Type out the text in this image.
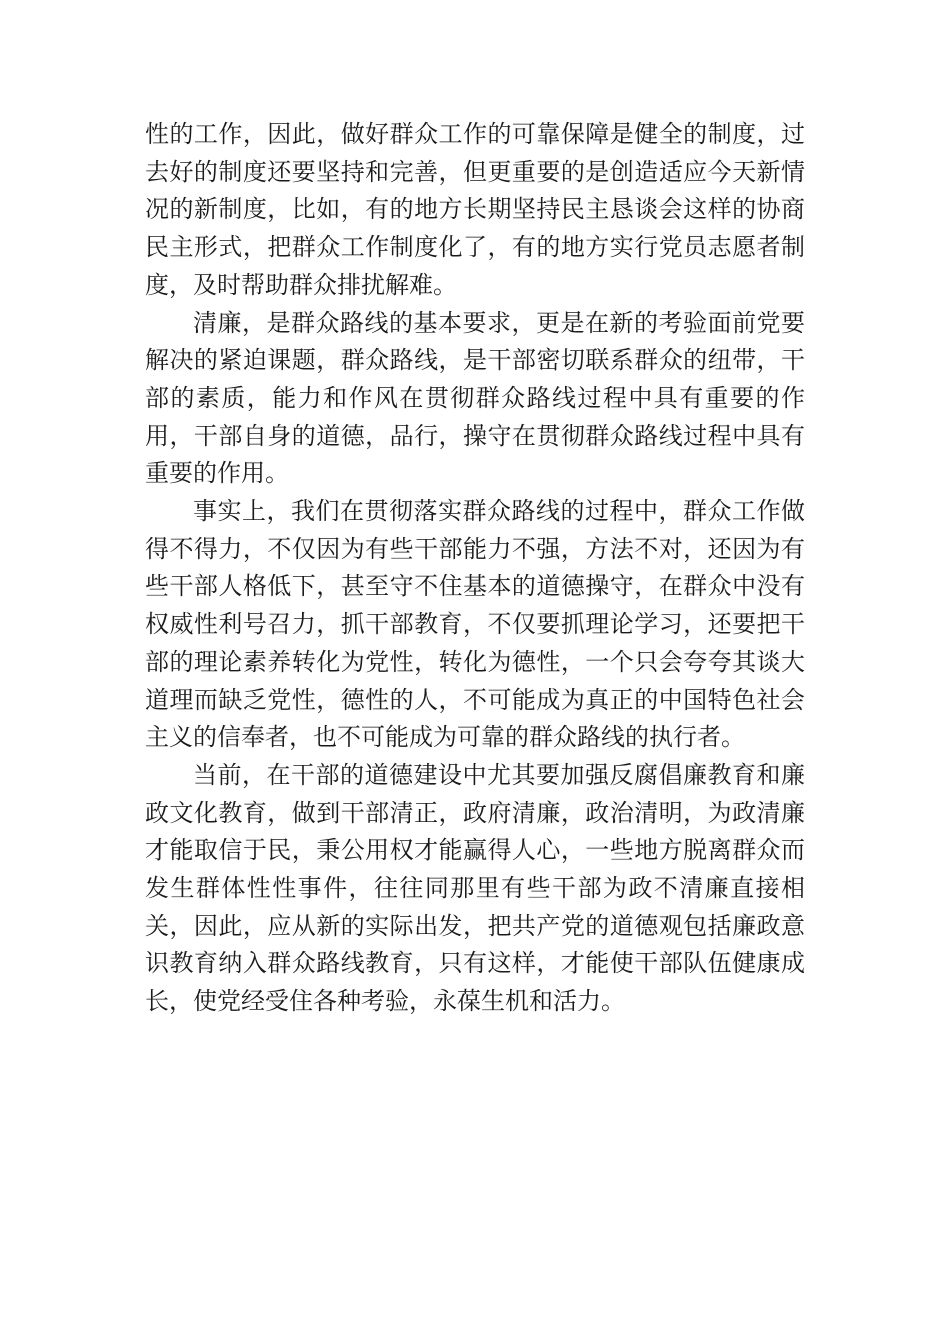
性的工作，因此，做好群众工作的可靠保障是健全的制度，过去好的制度还要坚持和完善，但更重要的是创造适应今天新情况的新制度，比如，有的地方长期坚持民主恳谈会这样的协商民主形式，把群众工作制度化了，有的地方实行党员志愿者制度，及时帮助群众排扰解难。

清廉，是群众路线的基本要求，更是在新的考验面前党要解决的紧迫课题，群众路线，是干部密切联系群众的纽带，干部的素质，能力和作风在贯彻群众路线过程中具有重要的作用，干部自身的道德，品行，操守在贯彻群众路线过程中具有重要的作用。

事实上，我们在贯彻落实群众路线的过程中，群众工作做得不得力，不仅因为有些干部能力不强，方法不对，还因为有些干部人格低下，甚至守不住基本的道德操守，在群众中没有权威性利号召力，抓干部教育，不仅要抓理论学习，还要把干部的理论素养转化为党性，转化为德性，一个只会夸夸其谈大道理而缺乏党性，德性的人，不可能成为真正的中国特色社会主义的信奉者，也不可能成为可靠的群众路线的执行者。

当前，在干部的道德建设中尤其要加强反腐倡廉教育和廉政文化教育，做到干部清正，政府清廉，政治清明，为政清廉才能取信于民，秉公用权才能赢得人心，一些地方脱离群众而发生群体性性事件，往往同那里有些干部为政不清廉直接相关，因此，应从新的实际出发，把共产党的道德观包括廉政意识教育纳入群众路线教育，只有这样，才能使干部队伍健康成长，使党经受住各种考验，永葆生机和活力。
